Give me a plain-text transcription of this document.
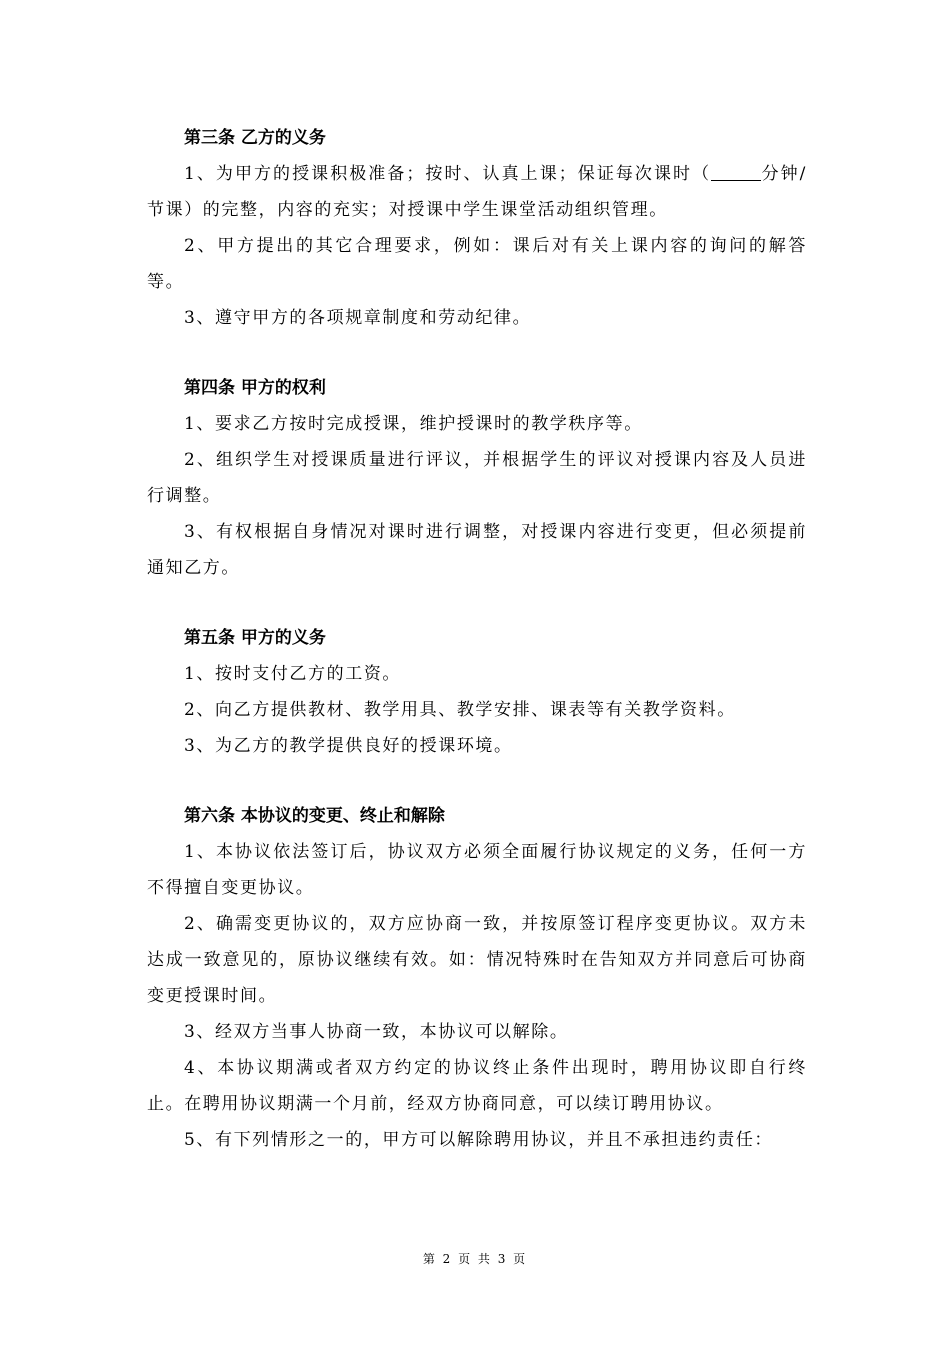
第三条 乙方的义务

1、为甲方的授课积极准备；按时、认真上课；保证每次课时（	分钟/节课）的完整，内容的充实；对授课中学生课堂活动组织管理。

2、甲方提出的其它合理要求，例如：课后对有关上课内容的询问的解答等。

3、遵守甲方的各项规章制度和劳动纪律。

第四条 甲方的权利

1、要求乙方按时完成授课，维护授课时的教学秩序等。

2、组织学生对授课质量进行评议，并根据学生的评议对授课内容及人员进行调整。

3、有权根据自身情况对课时进行调整，对授课内容进行变更，但必须提前通知乙方。

第五条 甲方的义务

1、按时支付乙方的工资。

2、向乙方提供教材、教学用具、教学安排、课表等有关教学资料。

3、为乙方的教学提供良好的授课环境。

第六条 本协议的变更、终止和解除

1、本协议依法签订后，协议双方必须全面履行协议规定的义务，任何一方不得擅自变更协议。

2、确需变更协议的，双方应协商一致，并按原签订程序变更协议。双方未达成一致意见的，原协议继续有效。如：情况特殊时在告知双方并同意后可协商变更授课时间。

3、经双方当事人协商一致，本协议可以解除。

4、本协议期满或者双方约定的协议终止条件出现时，聘用协议即自行终止。在聘用协议期满一个月前，经双方协商同意，可以续订聘用协议。

5、有下列情形之一的，甲方可以解除聘用协议，并且不承担违约责任：

第 2 页 共 3 页
